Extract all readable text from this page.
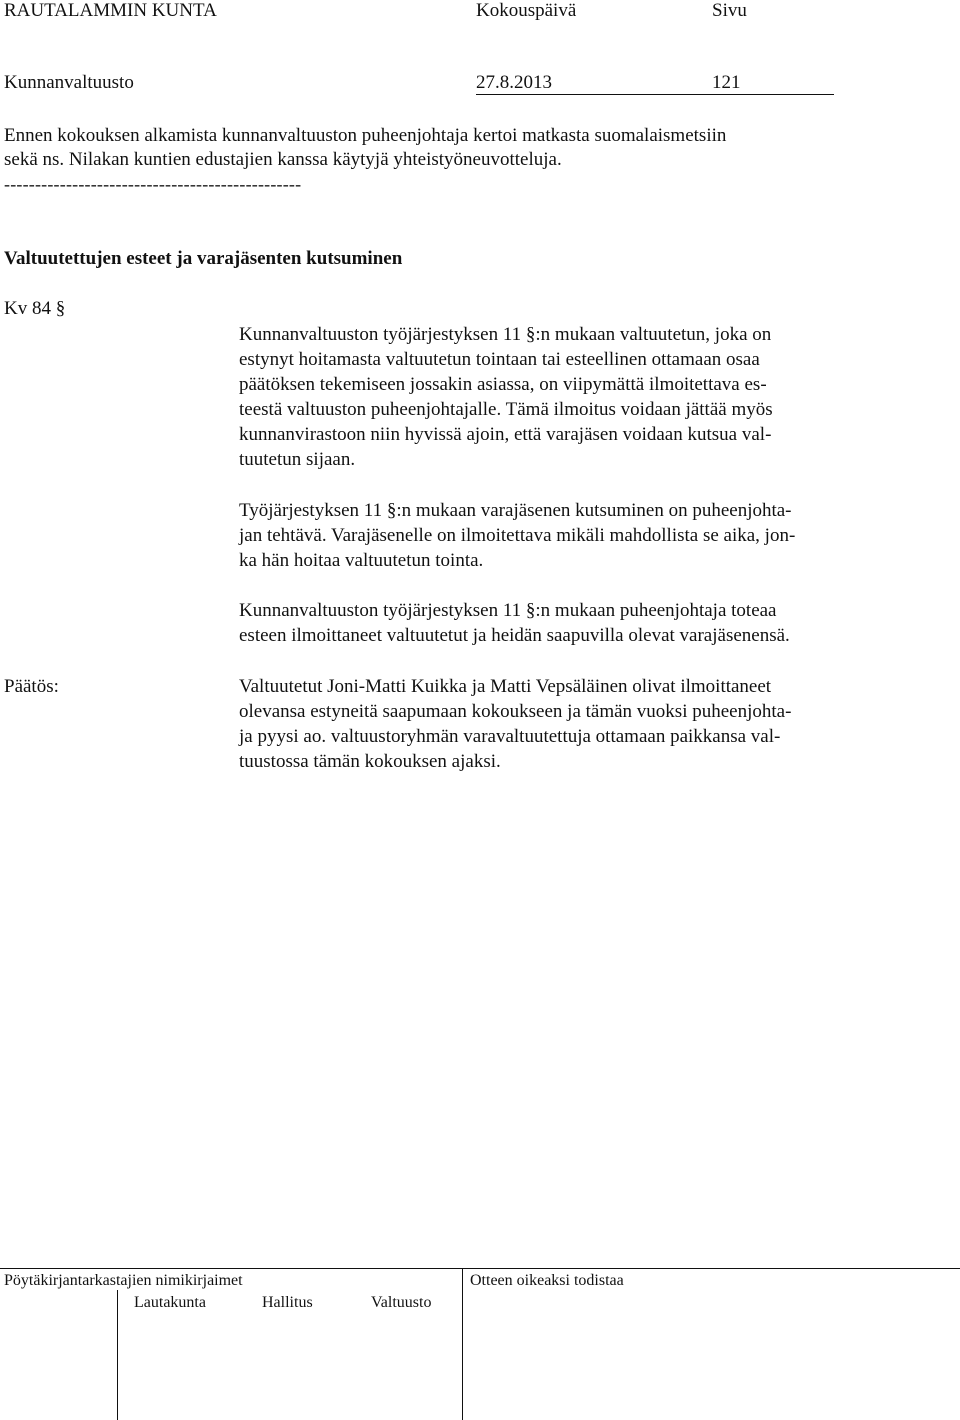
RAUTALAMMIN KUNTA	Kokouspäivä	Sivu
Kunnanvaltuusto	27.8.2013	121

Ennen kokouksen alkamista kunnanvaltuuston puheenjohtaja kertoi matkasta suomalaismetsiin

sekä ns. Nilakan kuntien edustajien kanssa käytyjä yhteistyöneuvotteluja.

------------------------------------------------
Valtuutettujen esteet ja varajäsenten kutsuminen
Kv 84 §

Kunnanvaltuuston työjärjestyksen 11 §:n mukaan valtuutetun, joka on

estynyt hoitamasta valtuutetun tointaan tai esteellinen ottamaan osaa

päätöksen tekemiseen jossakin asiassa, on viipymättä ilmoitettava es-

teestä valtuuston puheenjohtajalle. Tämä ilmoitus voidaan jättää myös

kunnanvirastoon niin hyvissä ajoin, että varajäsen voidaan kutsua val-

tuutetun sijaan.

Työjärjestyksen 11 §:n mukaan varajäsenen kutsuminen on puheenjohta-

jan tehtävä. Varajäsenelle on ilmoitettava mikäli mahdollista se aika, jon-

ka hän hoitaa valtuutetun tointa.

Kunnanvaltuuston työjärjestyksen 11 §:n mukaan puheenjohtaja toteaa

esteen ilmoittaneet valtuutetut ja heidän saapuvilla olevat varajäsenensä.

Päätös:	Valtuutetut Joni-Matti Kuikka ja Matti Vepsäläinen olivat ilmoittaneet

olevansa estyneitä saapumaan kokoukseen ja tämän vuoksi puheenjohta-

ja pyysi ao. valtuustoryhmän varavaltuutettuja ottamaan paikkansa val-

tuustossa tämän kokouksen ajaksi.

Pöytäkirjantarkastajien nimikirjaimet	Otteen oikeaksi todistaa
Lautakunta	Hallitus	Valtuusto
